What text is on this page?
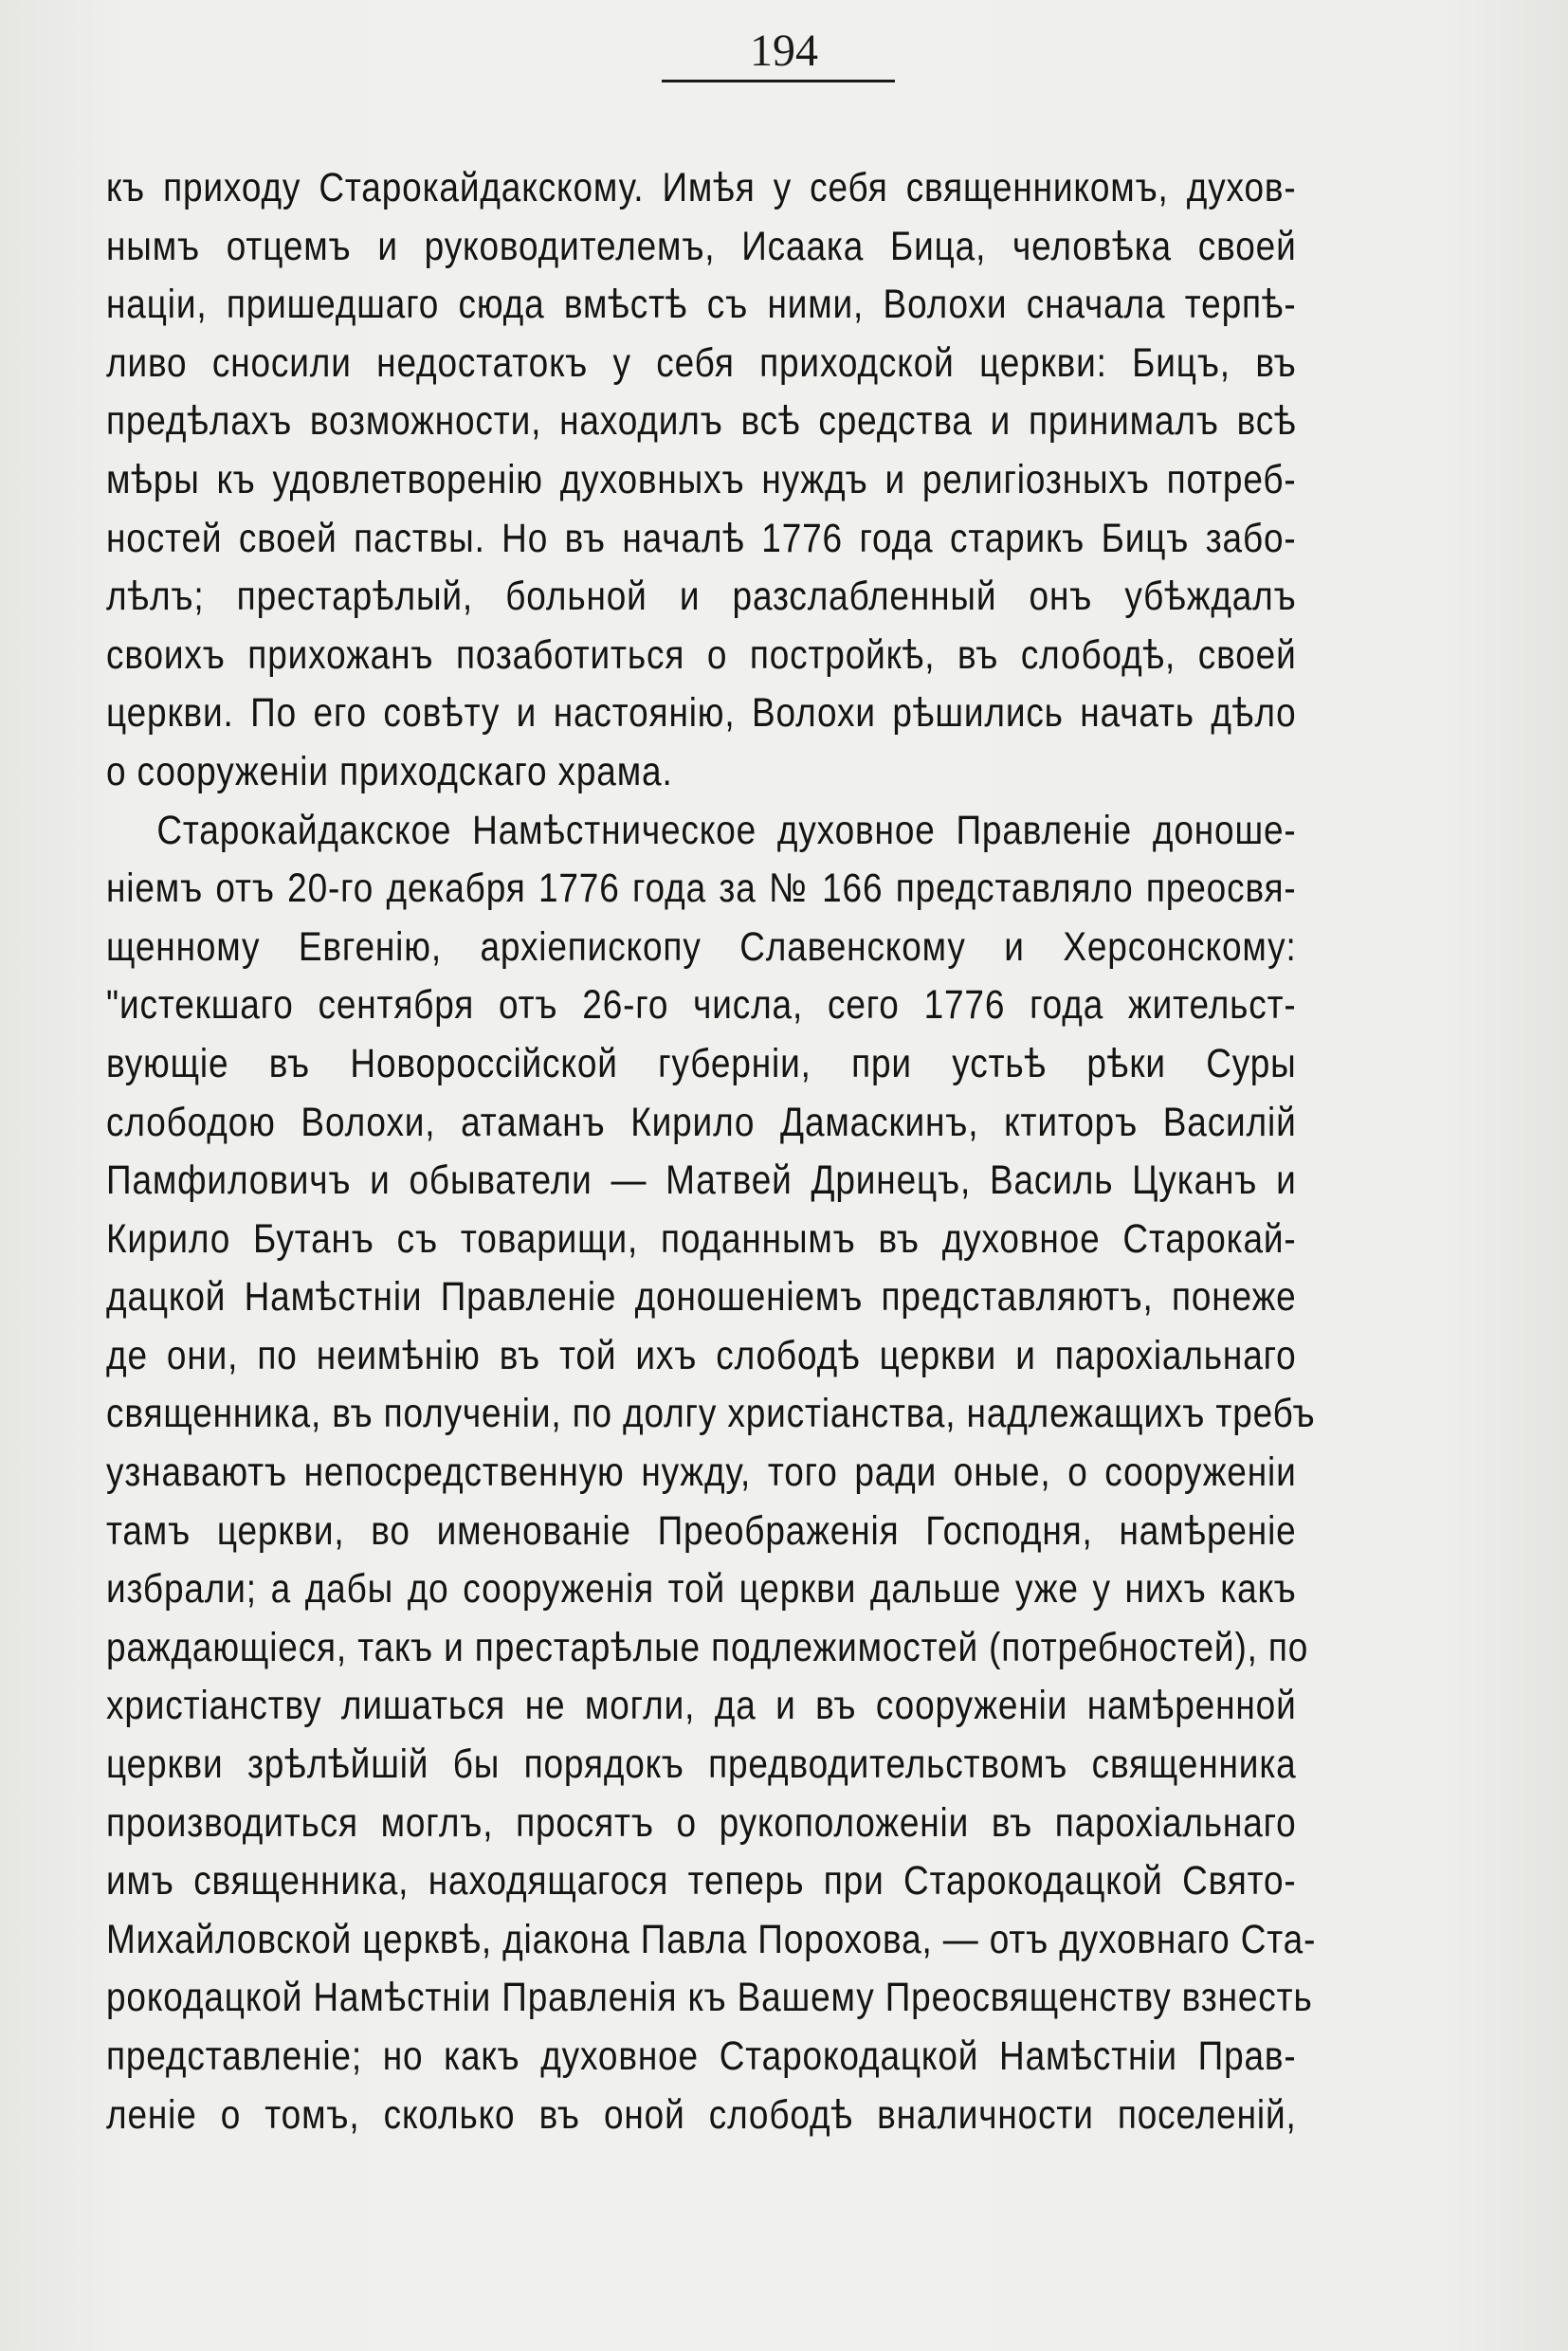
194
къ приходу Старокайдакскому. Имѣя у себя священникомъ, духов-
нымъ отцемъ и руководителемъ, Исаака Бица, человѣка своей
націи, пришедшаго сюда вмѣстѣ съ ними, Волохи сначала терпѣ-
ливо сносили недостатокъ у себя приходской церкви: Бицъ, въ
предѣлахъ возможности, находилъ всѣ средства и принималъ всѣ
мѣры къ удовлетворенію духовныхъ нуждъ и религіозныхъ потреб-
ностей своей паствы. Но въ началѣ 1776 года старикъ Бицъ забо-
лѣлъ; престарѣлый, больной и разслабленный онъ убѣждалъ
своихъ прихожанъ позаботиться о постройкѣ, въ слободѣ, своей
церкви. По его совѣту и настоянію, Волохи рѣшились начать дѣло
о сооруженіи приходскаго храма.
Старокайдакское Намѣстническое духовное Правленіе доноше-
ніемъ отъ 20-го декабря 1776 года за № 166 представляло преосвя-
щенному Евгенію, архіепископу Славенскому и Херсонскому:
"истекшаго сентября отъ 26-го числа, сего 1776 года жительст-
вующіе въ Новороссійской губерніи, при устьѣ рѣки Суры
слободою Волохи, атаманъ Кирило Дамаскинъ, ктиторъ Василій
Памфиловичъ и обыватели — Матвей Дринецъ, Василь Цуканъ и
Кирило Бутанъ съ товарищи, поданнымъ въ духовное Старокай-
дацкой Намѣстніи Правленіе доношеніемъ представляютъ, понеже
де они, по неимѣнію въ той ихъ слободѣ церкви и парохіальнаго
священника, въ полученіи, по долгу христіанства, надлежащихъ требъ
узнаваютъ непосредственную нужду, того ради оные, о сооруженіи
тамъ церкви, во именованіе Преображенія Господня, намѣреніе
избрали; а дабы до сооруженія той церкви дальше уже у нихъ какъ
раждающіеся, такъ и престарѣлые подлежимостей (потребностей), по
христіанству лишаться не могли, да и въ сооруженіи намѣренной
церкви зрѣлѣйшій бы порядокъ предводительствомъ священника
производиться моглъ, просятъ о рукоположеніи въ парохіальнаго
имъ священника, находящагося теперь при Старокодацкой Свято-
Михайловской церквѣ, діакона Павла Порохова, — отъ духовнаго Ста-
рокодацкой Намѣстніи Правленія къ Вашему Преосвященству взнесть
представленіе; но какъ духовное Старокодацкой Намѣстніи Прав-
леніе о томъ, сколько въ оной слободѣ вналичности поселеній,
